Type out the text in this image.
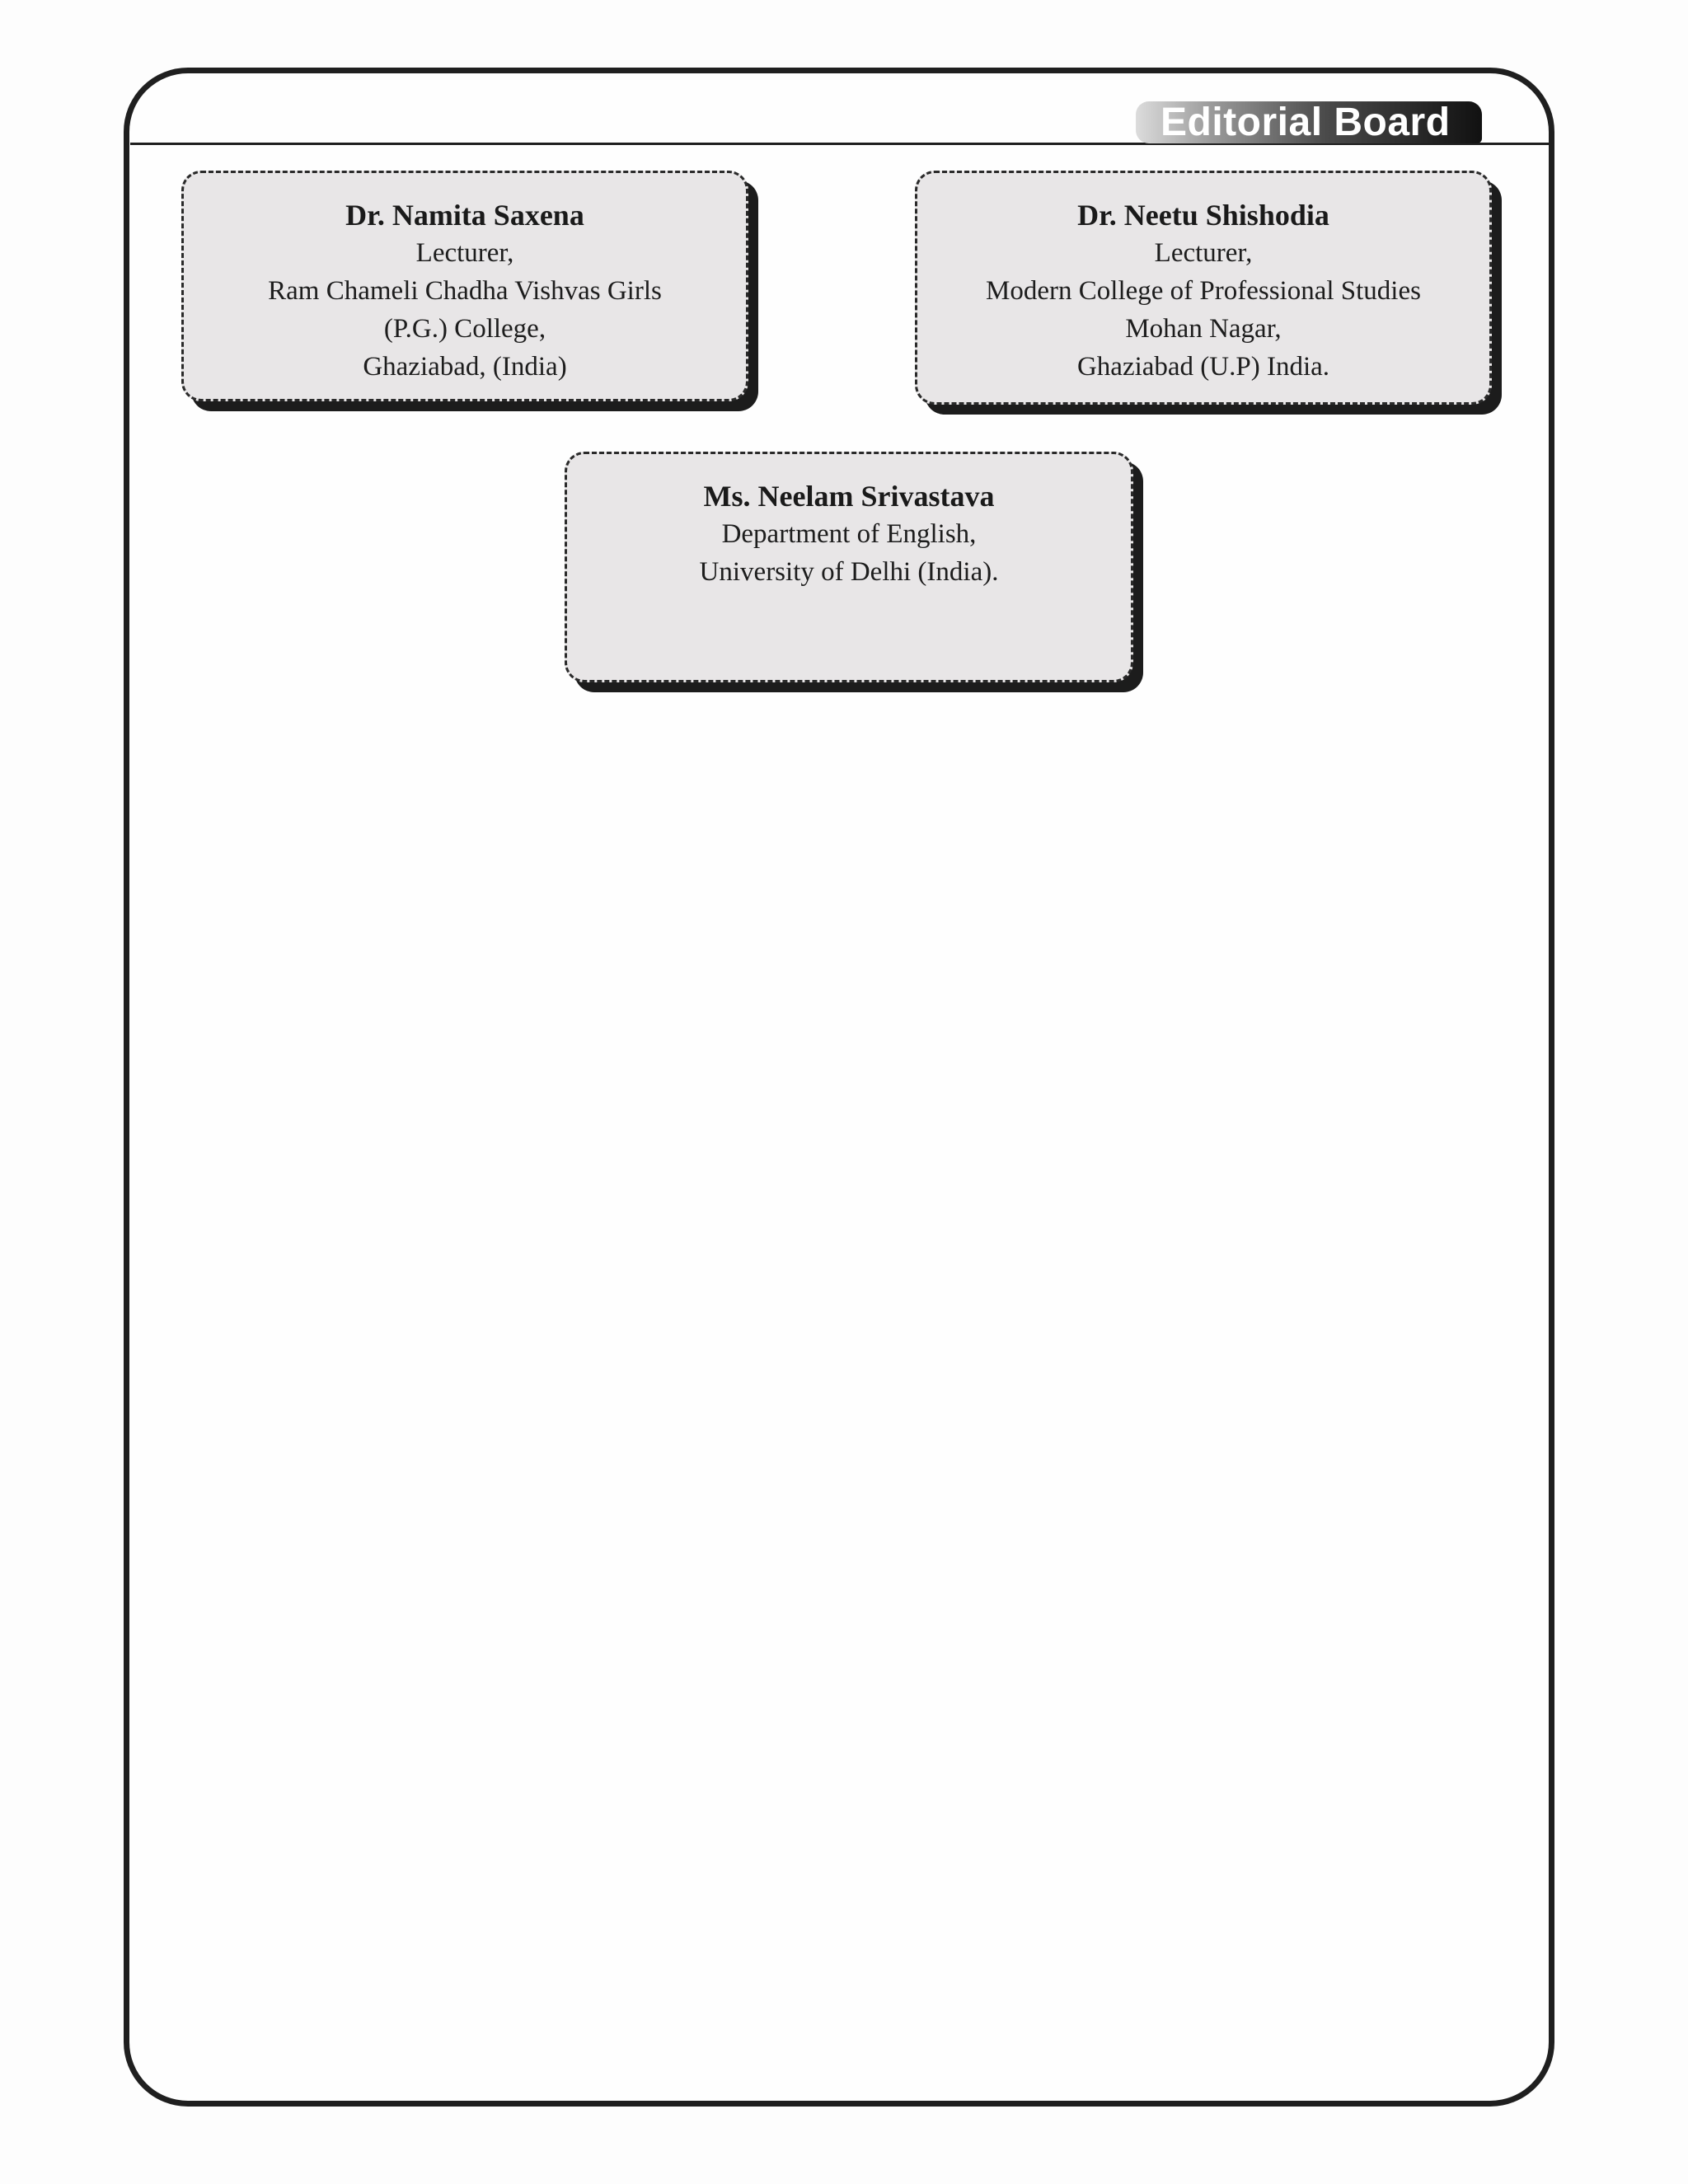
Editorial Board
Dr. Namita Saxena
Lecturer,
Ram Chameli Chadha Vishvas Girls
(P.G.) College,
Ghaziabad, (India)
Dr. Neetu Shishodia
Lecturer,
Modern College of Professional Studies
Mohan Nagar,
Ghaziabad (U.P) India.
Ms. Neelam Srivastava
Department of English,
University of Delhi (India).
